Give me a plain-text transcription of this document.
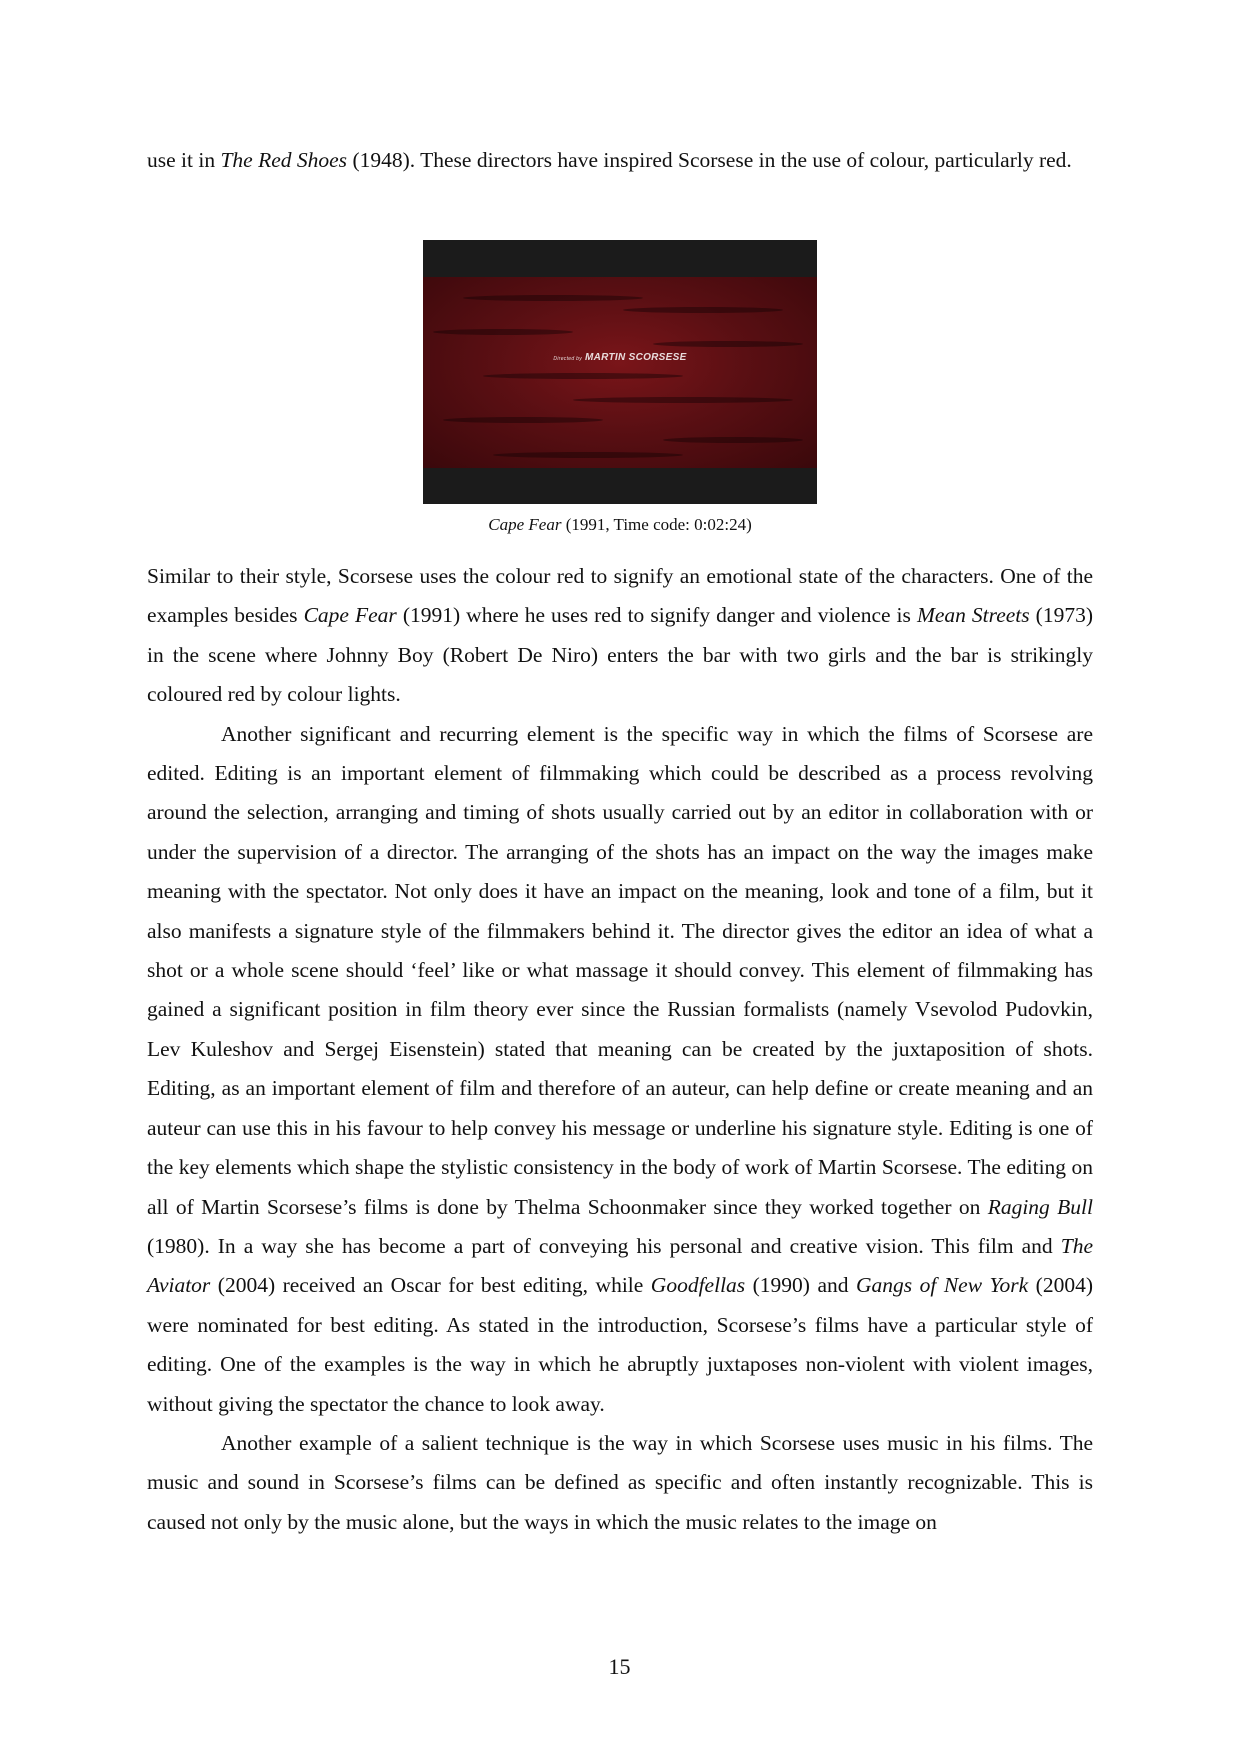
use it in The Red Shoes (1948). These directors have inspired Scorsese in the use of colour, particularly red.

Directed by MARTIN SCORSESE
Cape Fear (1991, Time code: 0:02:24)

Similar to their style, Scorsese uses the colour red to signify an emotional state of the characters. One of the examples besides Cape Fear (1991) where he uses red to signify danger and violence is Mean Streets (1973) in the scene where Johnny Boy (Robert De Niro) enters the bar with two girls and the bar is strikingly coloured red by colour lights.

Another significant and recurring element is the specific way in which the films of Scorsese are edited. Editing is an important element of filmmaking which could be described as a process revolving around the selection, arranging and timing of shots usually carried out by an editor in collaboration with or under the supervision of a director. The arranging of the shots has an impact on the way the images make meaning with the spectator. Not only does it have an impact on the meaning, look and tone of a film, but it also manifests a signature style of the filmmakers behind it. The director gives the editor an idea of what a shot or a whole scene should ‘feel’ like or what massage it should convey. This element of filmmaking has gained a significant position in film theory ever since the Russian formalists (namely Vsevolod Pudovkin, Lev Kuleshov and Sergej Eisenstein) stated that meaning can be created by the juxtaposition of shots. Editing, as an important element of film and therefore of an auteur, can help define or create meaning and an auteur can use this in his favour to help convey his message or underline his signature style. Editing is one of the key elements which shape the stylistic consistency in the body of work of Martin Scorsese. The editing on all of Martin Scorsese’s films is done by Thelma Schoonmaker since they worked together on Raging Bull (1980). In a way she has become a part of conveying his personal and creative vision. This film and The Aviator (2004) received an Oscar for best editing, while Goodfellas (1990) and Gangs of New York (2004) were nominated for best editing. As stated in the introduction, Scorsese’s films have a particular style of editing. One of the examples is the way in which he abruptly juxtaposes non-violent with violent images, without giving the spectator the chance to look away.

Another example of a salient technique is the way in which Scorsese uses music in his films. The music and sound in Scorsese’s films can be defined as specific and often instantly recognizable. This is caused not only by the music alone, but the ways in which the music relates to the image on

15
